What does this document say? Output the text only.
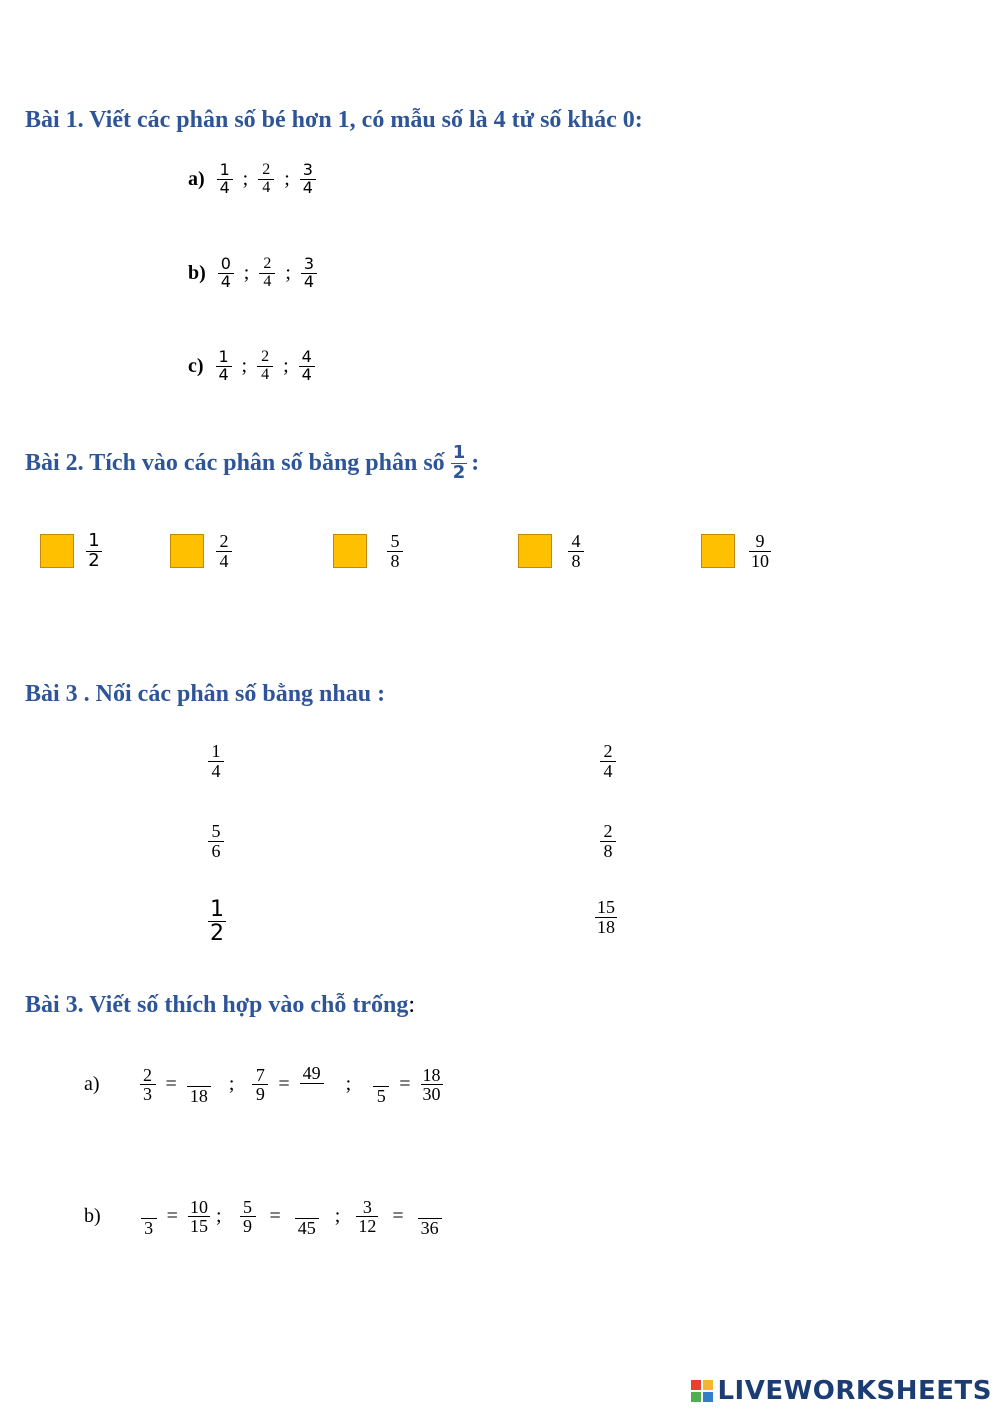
Bài 1. Viết các phân số bé hơn 1, có mẫu số là 4 tử số khác 0:
$a) \frac{1}{4}$ ; $\frac{2}{4}$ ; $\frac{3}{4}$
$b) \frac{0}{4}$ ; $\frac{2}{4}$ ; $\frac{3}{4}$
$c) \frac{1}{4}$ ; $\frac{2}{4}$ ; $\frac{4}{4}$
Bài 2. Tích vào các phân số bằng phân số $\frac{1}{2}$ :
$\frac{1}{2}$	$\frac{2}{4}$	$\frac{5}{8}$	$\frac{4}{8}$	$\frac{9}{10}$
Bài 3 . Nối các phân số bằng nhau :
$\frac{1}{4}$
$\frac{5}{6}$
$\frac{1}{2}$
$\frac{2}{4}$
$\frac{2}{8}$
$\frac{15}{18}$
Bài 3. Viết số thích hợp vào chỗ trống:
$a) \frac{2}{3}$ =
18
; $\frac{7}{9}$ =
49
;
5
= $\frac{18}{30}$
b)
3
= $\frac{10}{15}$ ; $\frac{5}{9}$ =
45
; $\frac{3}{12}$ =
36
LIVEWORKSHEETS
